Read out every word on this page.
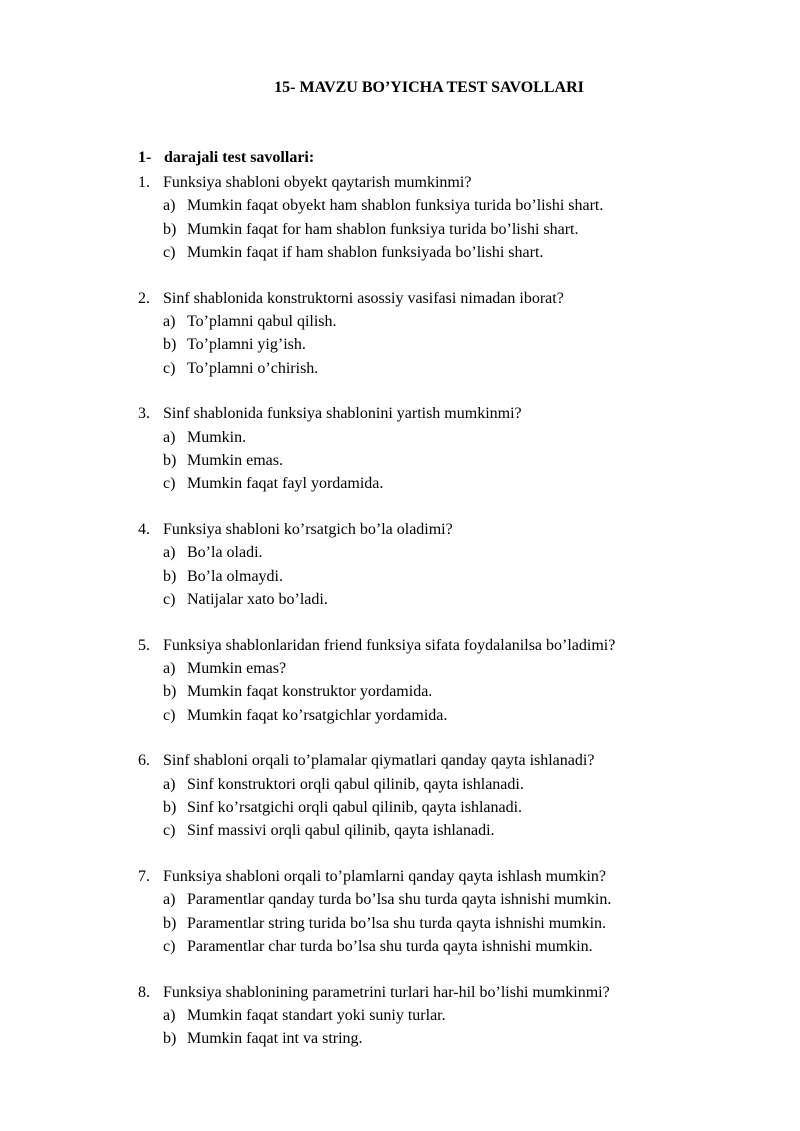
15- MAVZU BO’YICHA TEST SAVOLLARI
1- darajali test savollari:
1. Funksiya shabloni obyekt qaytarish mumkinmi?
a) Mumkin faqat obyekt ham shablon funksiya turida bo’lishi shart.
b) Mumkin faqat for ham shablon funksiya turida bo’lishi shart.
c) Mumkin faqat if ham shablon funksiyada bo’lishi shart.
2. Sinf shablonida konstruktorni asossiy vasifasi nimadan iborat?
a) To’plamni qabul qilish.
b) To’plamni yig’ish.
c) To’plamni o’chirish.
3. Sinf shablonida funksiya shablonini yartish mumkinmi?
a) Mumkin.
b) Mumkin emas.
c) Mumkin faqat fayl yordamida.
4. Funksiya shabloni ko’rsatgich bo’la oladimi?
a) Bo’la oladi.
b) Bo’la olmaydi.
c) Natijalar xato bo’ladi.
5. Funksiya shablonlaridan friend funksiya sifata foydalanilsa bo’ladimi?
a) Mumkin emas?
b) Mumkin faqat konstruktor yordamida.
c) Mumkin faqat ko’rsatgichlar yordamida.
6. Sinf shabloni orqali to’plamalar qiymatlari qanday qayta ishlanadi?
a) Sinf konstruktori orqli qabul qilinib, qayta ishlanadi.
b) Sinf ko’rsatgichi orqli qabul qilinib, qayta ishlanadi.
c) Sinf massivi orqli qabul qilinib, qayta ishlanadi.
7. Funksiya shabloni orqali to’plamlarni qanday qayta ishlash mumkin?
a) Paramentlar qanday turda bo’lsa shu turda qayta ishnishi mumkin.
b) Paramentlar string turida bo’lsa shu turda qayta ishnishi mumkin.
c) Paramentlar char turda bo’lsa shu turda qayta ishnishi mumkin.
8. Funksiya shablonining parametrini turlari har-hil bo’lishi mumkinmi?
a) Mumkin faqat standart yoki suniy turlar.
b) Mumkin faqat int va string.
